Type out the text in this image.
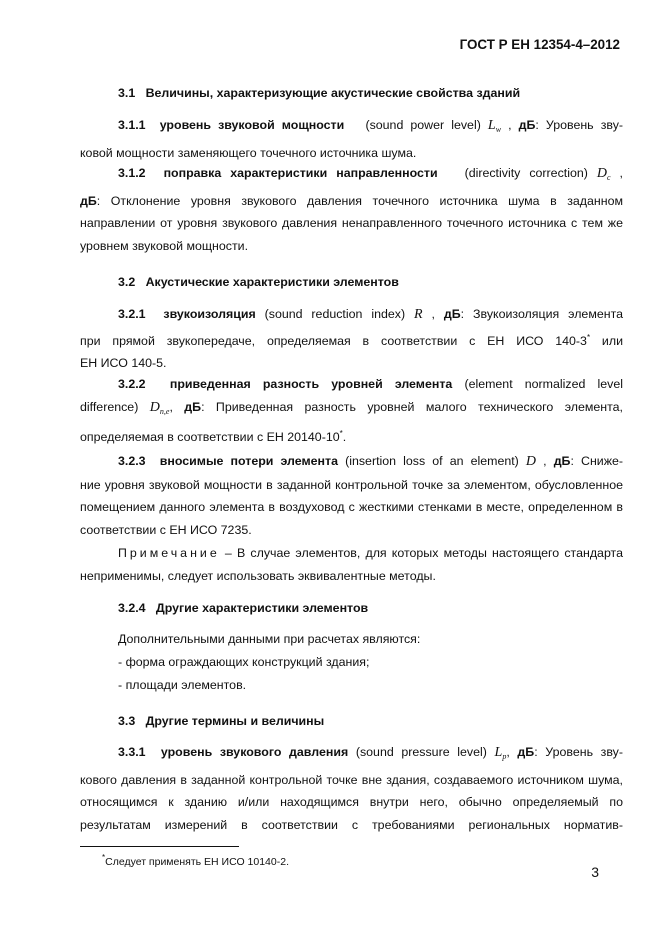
ГОСТ Р ЕН 12354-4–2012

3.1 Величины, характеризующие акустические свойства зданий

3.1.1 уровень звуковой мощности (sound power level) $L_w$ , дБ: Уровень зву-
ковой мощности заменяющего точечного источника шума.
3.1.2 поправка характеристики направленности (directivity correction) $D_c$ ,
дБ: Отклонение уровня звукового давления точечного источника шума в заданном направлении от уровня звукового давления ненаправленного точечного источника с тем же уровнем звуковой мощности.

3.2 Акустические характеристики элементов

3.2.1 звукоизоляция (sound reduction index) R , дБ: Звукоизоляция элемента
при прямой звукопередаче, определяемая в соответствии с ЕН ИСО 140-3* или
ЕН ИСО 140-5.
3.2.2 приведенная разность уровней элемента (element normalized level
difference) $D_{n,e}$, дБ: Приведенная разность уровней малого технического элемента,
определяемая в соответствии с ЕН 20140-10*.
3.2.3 вносимые потери элемента (insertion loss of an element) D , дБ: Сниже-
ние уровня звуковой мощности в заданной контрольной точке за элементом, обусловленное помещением данного элемента в воздуховод с жесткими стенками в месте, определенном в соответствии с ЕН ИСО 7235.

Примечание – В случае элементов, для которых методы настоящего стандарта неприменимы, следует использовать эквивалентные методы.

3.2.4 Другие характеристики элементов

Дополнительными данными при расчетах являются:

- форма ограждающих конструкций здания;

- площади элементов.

3.3 Другие термины и величины

3.3.1 уровень звукового давления (sound pressure level) $L_p$, дБ: Уровень зву-
кового давления в заданной контрольной точке вне здания, создаваемого источником шума, относящимся к зданию и/или находящимся внутри него, обычно определяемый по результатам измерений в соответствии с требованиями региональных норматив-
*Следует применять ЕН ИСО 10140-2.
3
